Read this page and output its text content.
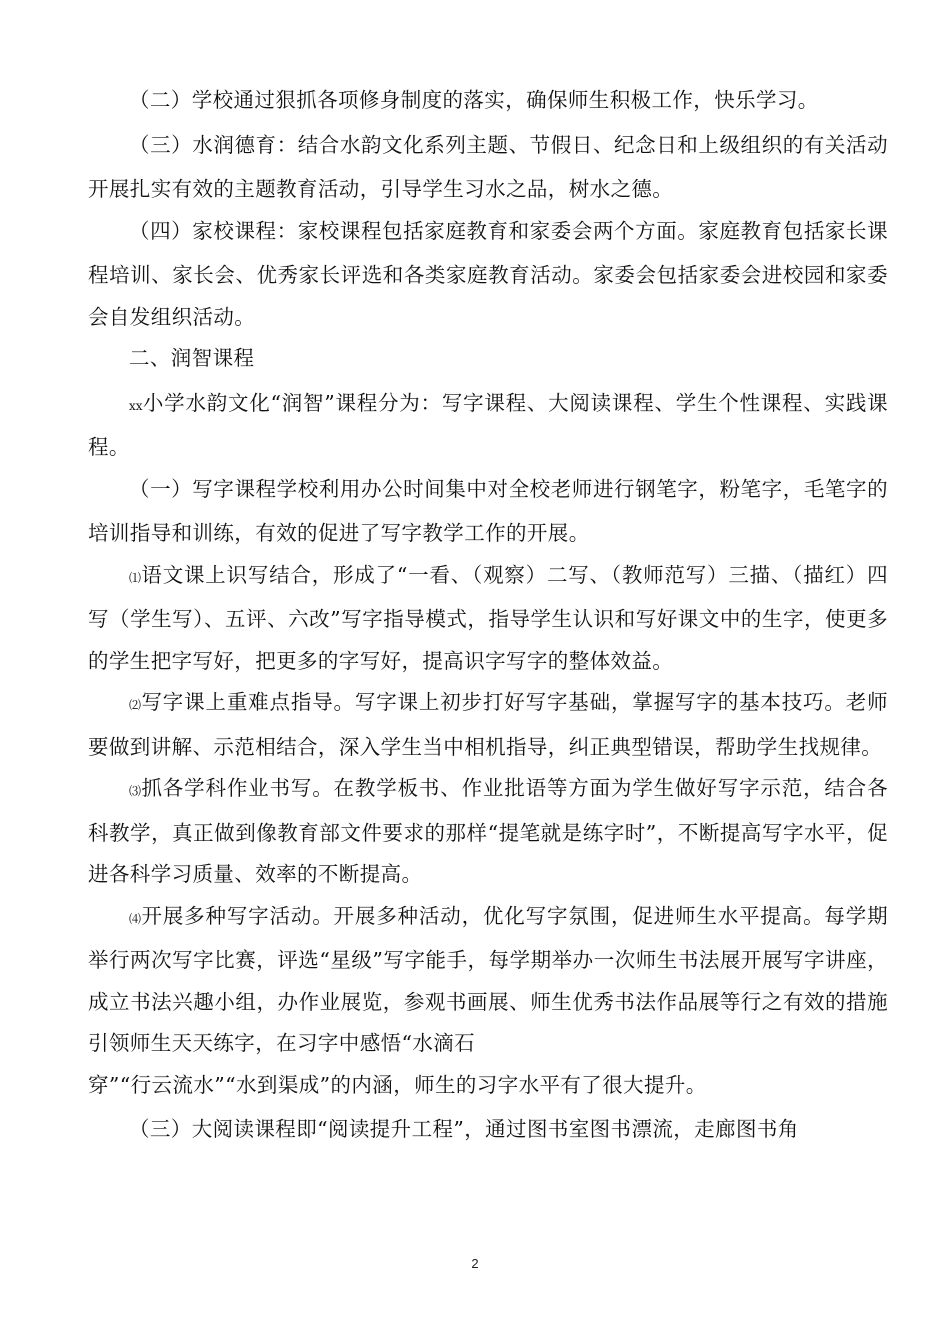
（二）学校通过狠抓各项修身制度的落实，确保师生积极工作，快乐学习。

（三）水润德育：结合水韵文化系列主题、节假日、纪念日和上级组织的有关活动开展扎实有效的主题教育活动，引导学生习水之品，树水之德。

（四）家校课程：家校课程包括家庭教育和家委会两个方面。家庭教育包括家长课程培训、家长会、优秀家长评选和各类家庭教育活动。家委会包括家委会进校园和家委会自发组织活动。

二、润智课程

xx小学水韵文化“润智”课程分为：写字课程、大阅读课程、学生个性课程、实践课程。

（一）写字课程学校利用办公时间集中对全校老师进行钢笔字，粉笔字，毛笔字的培训指导和训练，有效的促进了写字教学工作的开展。

⑴语文课上识写结合，形成了“一看、（观察）二写、（教师范写）三描、（描红）四写（学生写）、五评、六改”写字指导模式，指导学生认识和写好课文中的生字，使更多的学生把字写好，把更多的字写好，提高识字写字的整体效益。

⑵写字课上重难点指导。写字课上初步打好写字基础，掌握写字的基本技巧。老师要做到讲解、示范相结合，深入学生当中相机指导，纠正典型错误，帮助学生找规律。

⑶抓各学科作业书写。在教学板书、作业批语等方面为学生做好写字示范，结合各科教学，真正做到像教育部文件要求的那样“提笔就是练字时”，不断提高写字水平，促进各科学习质量、效率的不断提高。

⑷开展多种写字活动。开展多种活动，优化写字氛围，促进师生水平提高。每学期举行两次写字比赛，评选“星级”写字能手，每学期举办一次师生书法展开展写字讲座，成立书法兴趣小组，办作业展览，参观书画展、师生优秀书法作品展等行之有效的措施引领师生天天练字，在习字中感悟“水滴石

穿”“行云流水”“水到渠成”的内涵，师生的习字水平有了很大提升。

（三）大阅读课程即“阅读提升工程”，通过图书室图书漂流，走廊图书角

2
